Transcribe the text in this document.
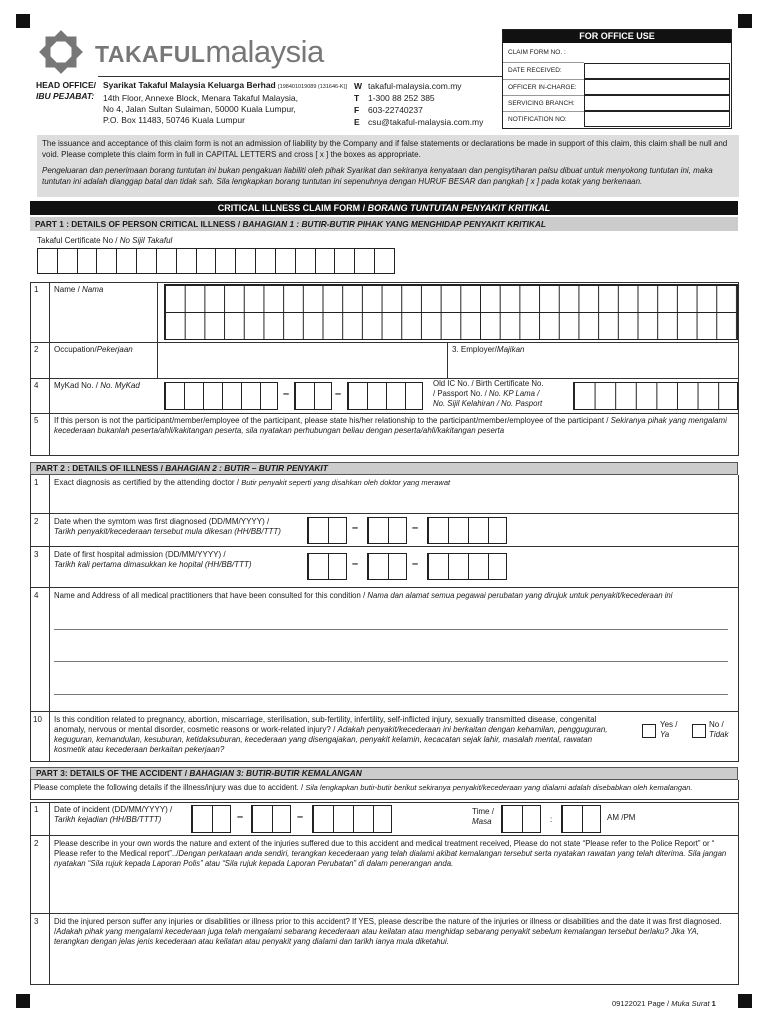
TAKAFULmalaysia
HEAD OFFICE/
IBU PEJABAT:
Syarikat Takaful Malaysia Keluarga Berhad [198401019089 (131646-K)]
14th Floor, Annexe Block, Menara Takaful Malaysia,
No 4, Jalan Sultan Sulaiman, 50000 Kuala Lumpur,
P.O. Box 11483, 50746 Kuala Lumpur
W takaful-malaysia.com.my
T 1-300 88 252 385
F 603-22740237
E csu@takaful-malaysia.com.my
FOR OFFICE USE
CLAIM FORM NO. :
DATE RECEIVED:
OFFICER IN-CHARGE:
SERVICING BRANCH:
NOTIFICATION NO:
The issuance and acceptance of this claim form is not an admission of liability by the Company and if false statements or declarations be made in support of this claim, this claim shall be null and void. Please complete this claim form in full in CAPITAL LETTERS and cross [ x ] the boxes as appropriate.
Pengeluaran dan penerimaan borang tuntutan ini bukan pengakuan liabiliti oleh pihak Syarikat dan sekiranya kenyataan dan pengisytiharan palsu dibuat untuk menyokong tuntutan ini, maka tuntutan ini adalah dianggap batal dan tidak sah. Sila lengkapkan borang tuntutan ini sepenuhnya dengan HURUF BESAR dan pangkah [ x ] pada kotak yang berkenaan.
CRITICAL ILLNESS CLAIM FORM / BORANG TUNTUTAN PENYAKIT KRITIKAL
PART 1 : DETAILS OF PERSON CRITICAL ILLNESS / BAHAGIAN 1 : BUTIR-BUTIR PIHAK YANG MENGHIDAP PENYAKIT KRITIKAL
Takaful Certificate No / No Sijil Takaful
1 Name / Nama
2 Occupation/Pekerjaan	3. Employer/Majikan
4 MyKad No. / No. MyKad
–	–
Old IC No. / Birth Certificate No.
/ Passport No. / No. KP Lama /
No. Sijil Kelahiran / No. Pasport
5 If this person is not the participant/member/employee of the participant, please state his/her relationship to the participant/member/employee of the participant / Sekiranya pihak yang mengalami kecederaan bukanlah peserta/ahli/kakitangan peserta, sila nyatakan perhubungan beliau dengan peserta/ahli/kakitangan peserta
PART 2 : DETAILS OF ILLNESS / BAHAGIAN 2 : BUTIR – BUTIR PENYAKIT
1 Exact diagnosis as certified by the attending doctor / Butir penyakit seperti yang disahkan oleh doktor yang merawat
2 Date when the symtom was first diagnosed (DD/MM/YYYY) /
Tarikh penyakit/kecederaan tersebut mula dikesan (HH/BB/TTT)	–	–
3 Date of first hospital admission (DD/MM/YYYY) /
Tarikh kali pertama dimasukkan ke hopital (HH/BB/TTT)	–	–
4 Name and Address of all medical practitioners that have been consulted for this condition / Nama dan alamat semua pegawai perubatan yang dirujuk untuk penyakit/kecederaan ini
10 Is this condition related to pregnancy, abortion, miscarriage, sterilisation, sub-fertility, infertility, self-inflicted injury, sexually transmitted disease, congenital anomaly, nervous or mental disorder, cosmetic reasons or work-related injury? / Adakah penyakit/kecederaan ini berkaitan dengan kehamilan, pengguguran, keguguran, kemandulan, kesuburan, ketidaksuburan, kecederaan yang disengajakan, penyakit kelamin, kecacatan sejak lahir, masalah mental, rawatan kosmetik atau kecederaan berkaitan pekerjaan?
Yes /
Ya
No /
Tidak
PART 3: DETAILS OF THE ACCIDENT / BAHAGIAN 3: BUTIR-BUTIR KEMALANGAN
Please complete the following details if the illness/injury was due to accident. / Sila lengkapkan butir-butir berikut sekiranya penyakit/kecederaan yang dialami adalah disebabkan oleh kemalangan.
1 Date of incident (DD/MM/YYYY) /
Tarikh kejadian (HH/BB/TTTT)	–	–	Time /
Masa	:	AM /PM
2 Please describe in your own words the nature and extent of the injuries suffered due to this accident and medical treatment received, Please do not state “Please refer to the Police Report” or “ Please refer to the Medical report”../Dengan perkataan anda sendiri, terangkan kecederaan yang telah dialami akibat kemalangan tersebut serta nyatakan rawatan yang telah diterima. Sila jangan nyatakan “Sila rujuk kepada Laporan Polis” atau “Sila rujuk kepada Laporan Perubatan” di dalam penerangan anda.
3 Did the injured person suffer any injuries or disabilities or illness prior to this accident? If YES, please describe the nature of the injuries or illness or disabilities and the date it was first diagnosed. /Adakah pihak yang mengalami kecederaan juga telah mengalami sebarang kecederaan atau keilatan atau menghidap sebarang penyakit sebelum kemalangan tersebut berlaku? Jika YA, terangkan dengan jelas jenis kecederaan atau keilatan atau penyakit yang dialami dan tarikh ianya mula diketahui.
09122021 Page / Muka Surat 1
